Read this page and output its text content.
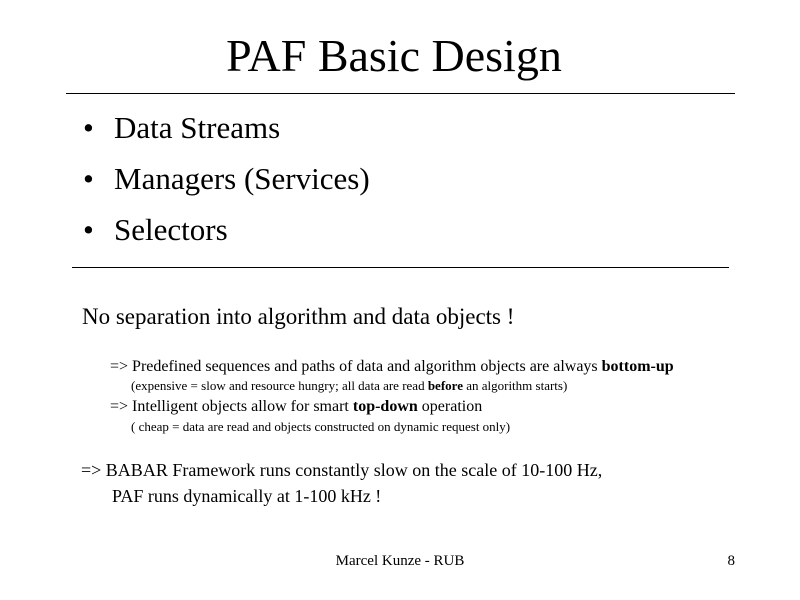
PAF Basic Design
• Data Streams
• Managers (Services)
• Selectors
No separation into algorithm and data objects !
=> Predefined sequences and paths of data and algorithm objects are always bottom-up
(expensive = slow and resource hungry; all data are read before an algorithm starts)
=> Intelligent objects allow for smart top-down operation
( cheap = data are read and objects constructed on dynamic request only)
=> BABAR Framework runs constantly slow on the scale of 10-100 Hz,
PAF runs dynamically at 1-100 kHz !
Marcel Kunze - RUB	8
